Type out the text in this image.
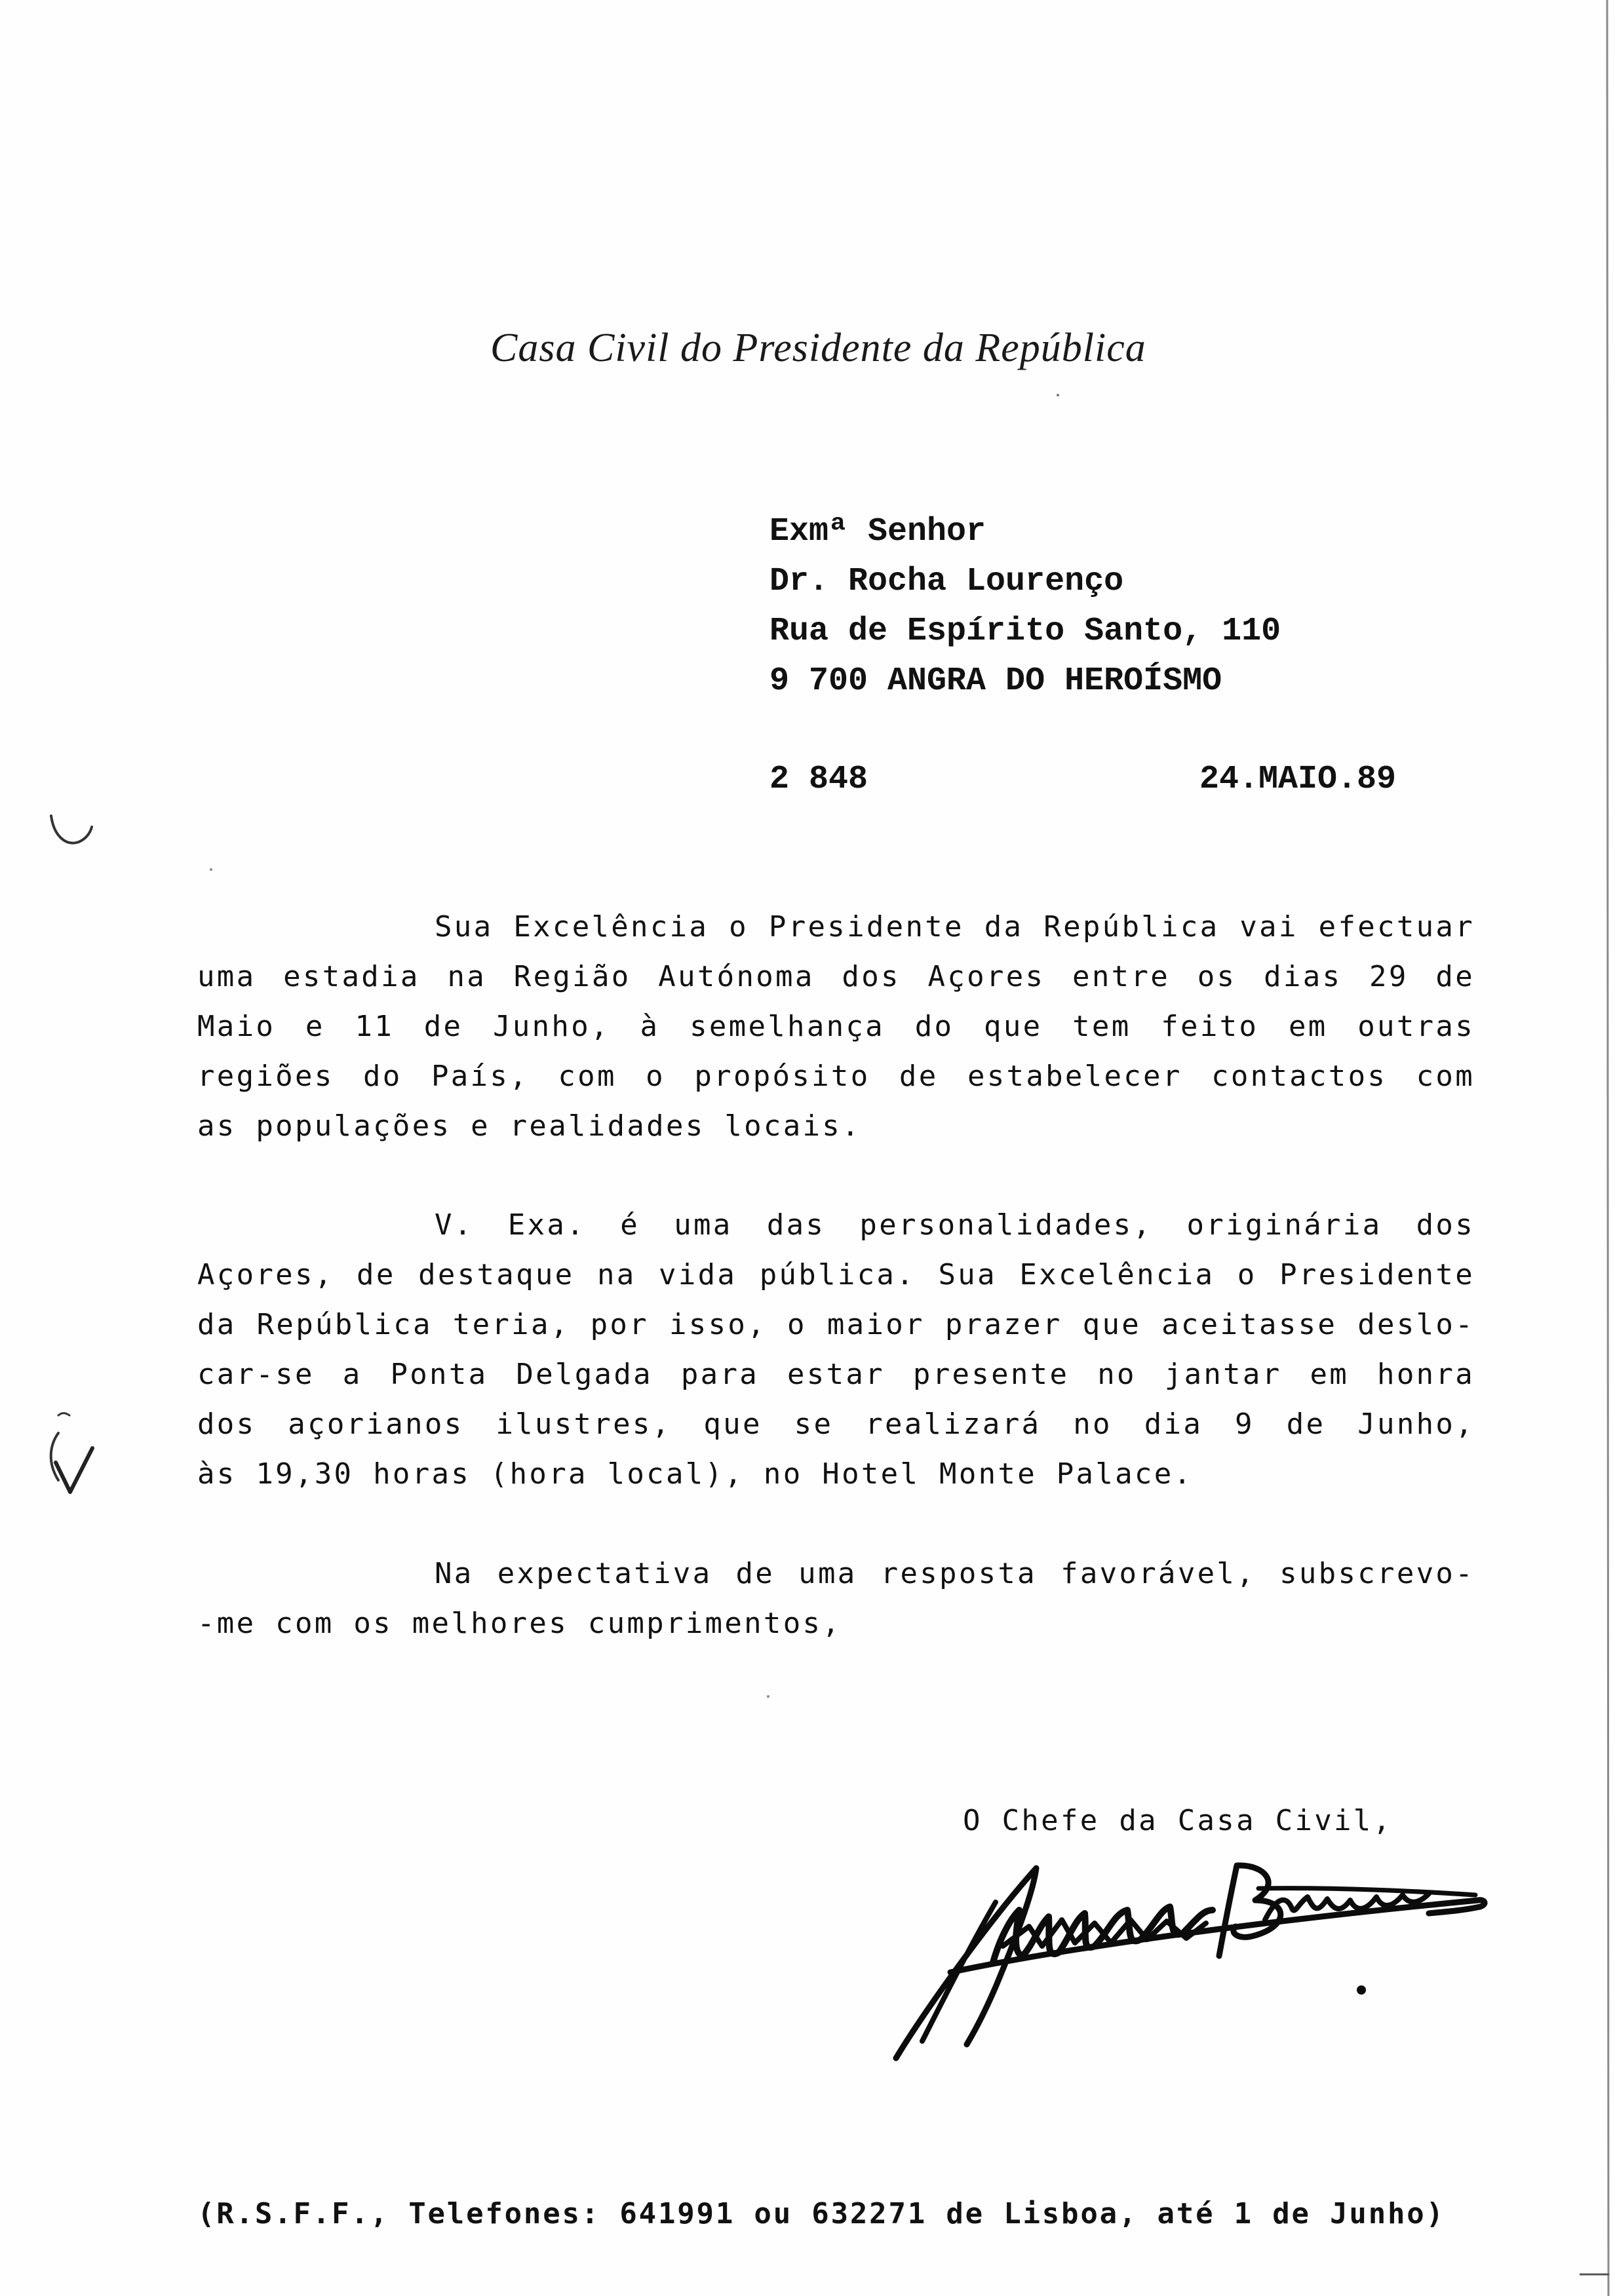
Casa Civil do Presidente da República
Exmª Senhor
Dr. Rocha Lourenço
Rua de Espírito Santo, 110
9 700 ANGRA DO HEROÍSMO
2 848	24.MAIO.89
Sua Excelência o Presidente da República vai efectuar
uma estadia na Região Autónoma dos Açores entre os dias 29 de
Maio e 11 de Junho, à semelhança do que tem feito em outras
regiões do País, com o propósito de estabelecer contactos com
as populações e realidades locais.
V. Exa. é uma das personalidades, originária dos
Açores, de destaque na vida pública. Sua Excelência o Presidente
da República teria, por isso, o maior prazer que aceitasse deslo-
car-se a Ponta Delgada para estar presente no jantar em honra
dos açorianos ilustres, que se realizará no dia 9 de Junho,
às 19,30 horas (hora local), no Hotel Monte Palace.
Na expectativa de uma resposta favorável, subscrevo-
-me com os melhores cumprimentos,
O Chefe da Casa Civil,
(R.S.F.F., Telefones: 641991 ou 632271 de Lisboa, até 1 de Junho)
